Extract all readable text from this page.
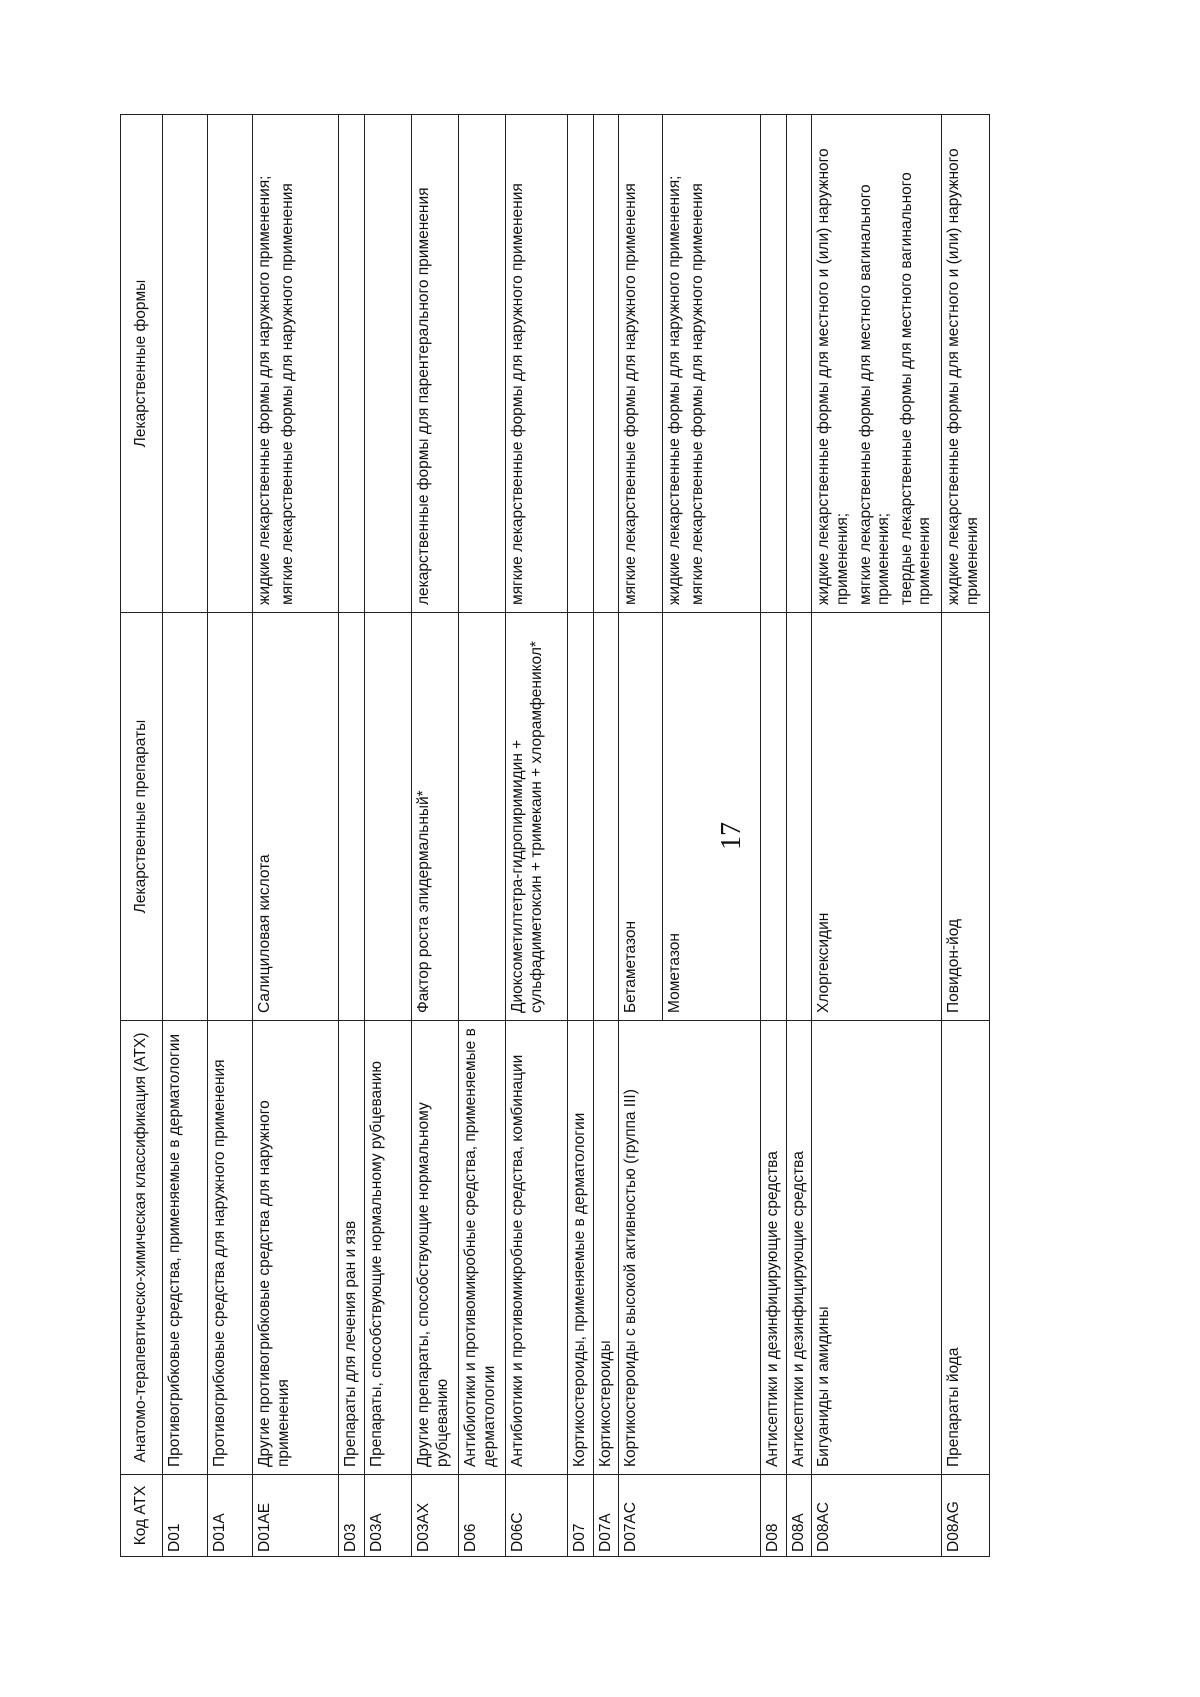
17
Код АТХ	Анатомо-терапевтическо-химическая классификация (АТХ)	Лекарственные препараты	Лекарственные формы
D01	Противогрибковые средства, применяемые в дерматологии		
D01A	Противогрибковые средства для наружного применения		
D01AE	Другие противогрибковые средства для наружного применения	Салициловая кислота	жидкие лекарственные формы для наружного применения; мягкие лекарственные формы для наружного применения

D03	Препараты для лечения ран и язв		
D03A	Препараты, способствующие нормальному рубцеванию		
D03AX	Другие препараты, способствующие нормальному рубцеванию	Фактор роста эпидермальный*	лекарственные формы для парентерального применения

D06	Антибиотики и противомикробные средства, применяемые в дерматологии		
D06C	Антибиотики и противомикробные средства, комбинации	Диоксометилтетра-гидропиримидин + сульфадиметоксин + тримекаин + хлорамфеникол*	мягкие лекарственные формы для наружного применения

D07	Кортикостероиды, применяемые в дерматологии		
D07A	Кортикостероиды		
D07AC	Кортикостероиды с высокой активностью (группа III)	Бетаметазон	мягкие лекарственные формы для наружного применения

		Мометазон	жидкие лекарственные формы для наружного применения; мягкие лекарственные формы для наружного применения

D08	Антисептики и дезинфицирующие средства		
D08A	Антисептики и дезинфицирующие средства		
D08AC	Бигуаниды и амидины	Хлоргексидин	жидкие лекарственные формы для местного и (или) наружного применения; мягкие лекарственные формы для местного вагинального применения; твердые лекарственные формы для местного вагинального применения

D08AG	Препараты йода	Повидон-йод	жидкие лекарственные формы для местного и (или) наружного применения
